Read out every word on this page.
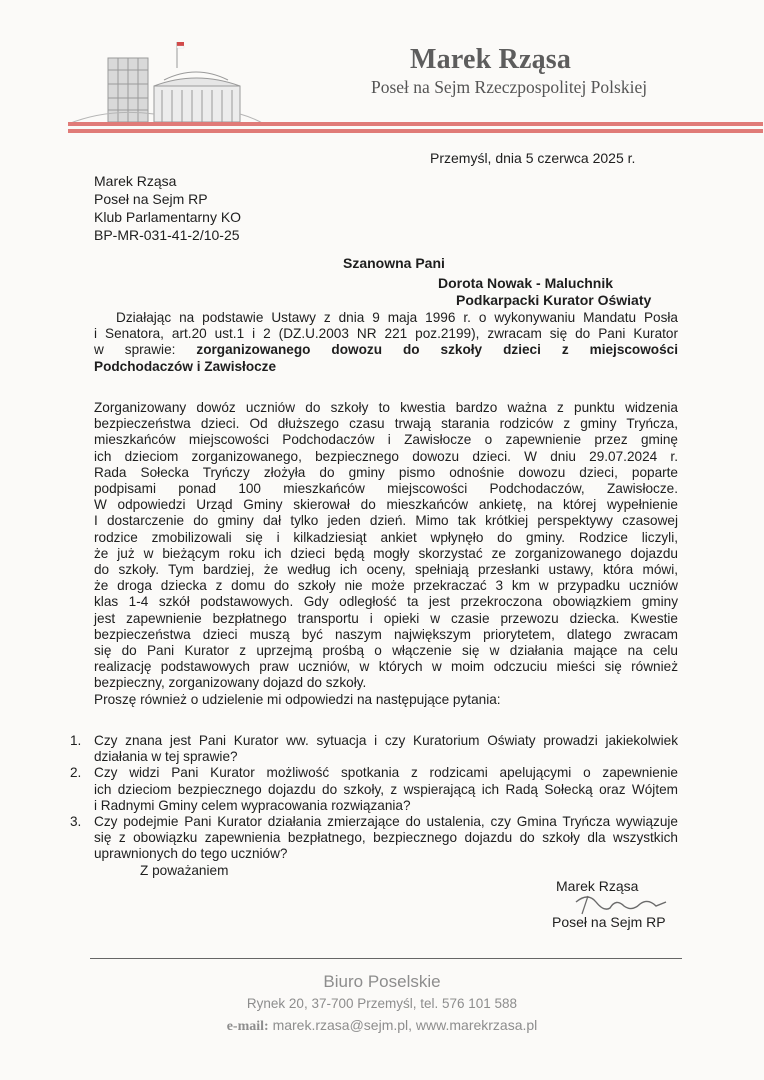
Marek Rząsa
Poseł na Sejm Rzeczpospolitej Polskiej
Przemyśl, dnia 5 czerwca 2025 r.
Marek Rząsa
Poseł na Sejm RP
Klub Parlamentarny KO
BP-MR-031-41-2/10-25
Szanowna Pani
Dorota Nowak - Maluchnik
Podkarpacki Kurator Oświaty
Działając na podstawie Ustawy z dnia 9 maja 1996 r. o wykonywaniu Mandatu Posła
i Senatora, art.20 ust.1 i 2 (DZ.U.2003 NR 221 poz.2199), zwracam się do Pani Kurator
w sprawie: zorganizowanego dowozu do szkoły dzieci z miejscowości
Podchodaczów i Zawisłocze
Zorganizowany dowóz uczniów do szkoły to kwestia bardzo ważna z punktu widzenia
bezpieczeństwa dzieci. Od dłuższego czasu trwają starania rodziców z gminy Tryńcza,
mieszkańców miejscowości Podchodaczów i Zawisłocze o zapewnienie przez gminę
ich dzieciom zorganizowanego, bezpiecznego dowozu dzieci. W dniu 29.07.2024 r.
Rada Sołecka Tryńczy złożyła do gminy pismo odnośnie dowozu dzieci, poparte
podpisami ponad 100 mieszkańców miejscowości Podchodaczów, Zawisłocze.
W odpowiedzi Urząd Gminy skierował do mieszkańców ankietę, na której wypełnienie
I dostarczenie do gminy dał tylko jeden dzień. Mimo tak krótkiej perspektywy czasowej
rodzice zmobilizowali się i kilkadziesiąt ankiet wpłynęło do gminy. Rodzice liczyli,
że już w bieżącym roku ich dzieci będą mogły skorzystać ze zorganizowanego dojazdu
do szkoły. Tym bardziej, że według ich oceny, spełniają przesłanki ustawy, która mówi,
że droga dziecka z domu do szkoły nie może przekraczać 3 km w przypadku uczniów
klas 1-4 szkół podstawowych. Gdy odległość ta jest przekroczona obowiązkiem gminy
jest zapewnienie bezpłatnego transportu i opieki w czasie przewozu dziecka. Kwestie
bezpieczeństwa dzieci muszą być naszym największym priorytetem, dlatego zwracam
się do Pani Kurator z uprzejmą prośbą o włączenie się w działania mające na celu
realizację podstawowych praw uczniów, w których w moim odczuciu mieści się również
bezpieczny, zorganizowany dojazd do szkoły.
Proszę również o udzielenie mi odpowiedzi na następujące pytania:
1. Czy znana jest Pani Kurator ww. sytuacja i czy Kuratorium Oświaty prowadzi jakiekolwiek
działania w tej sprawie?
2. Czy widzi Pani Kurator możliwość spotkania z rodzicami apelującymi o zapewnienie
ich dzieciom bezpiecznego dojazdu do szkoły, z wspierającą ich Radą Sołecką oraz Wójtem
i Radnymi Gminy celem wypracowania rozwiązania?
3. Czy podejmie Pani Kurator działania zmierzające do ustalenia, czy Gmina Tryńcza wywiązuje
się z obowiązku zapewnienia bezpłatnego, bezpiecznego dojazdu do szkoły dla wszystkich
uprawnionych do tego uczniów?
Z poważaniem
Marek Rząsa
Poseł na Sejm RP
Biuro Poselskie
Rynek 20, 37-700 Przemyśl, tel. 576 101 588
e-mail: marek.rzasa@sejm.pl, www.marekrzasa.pl
